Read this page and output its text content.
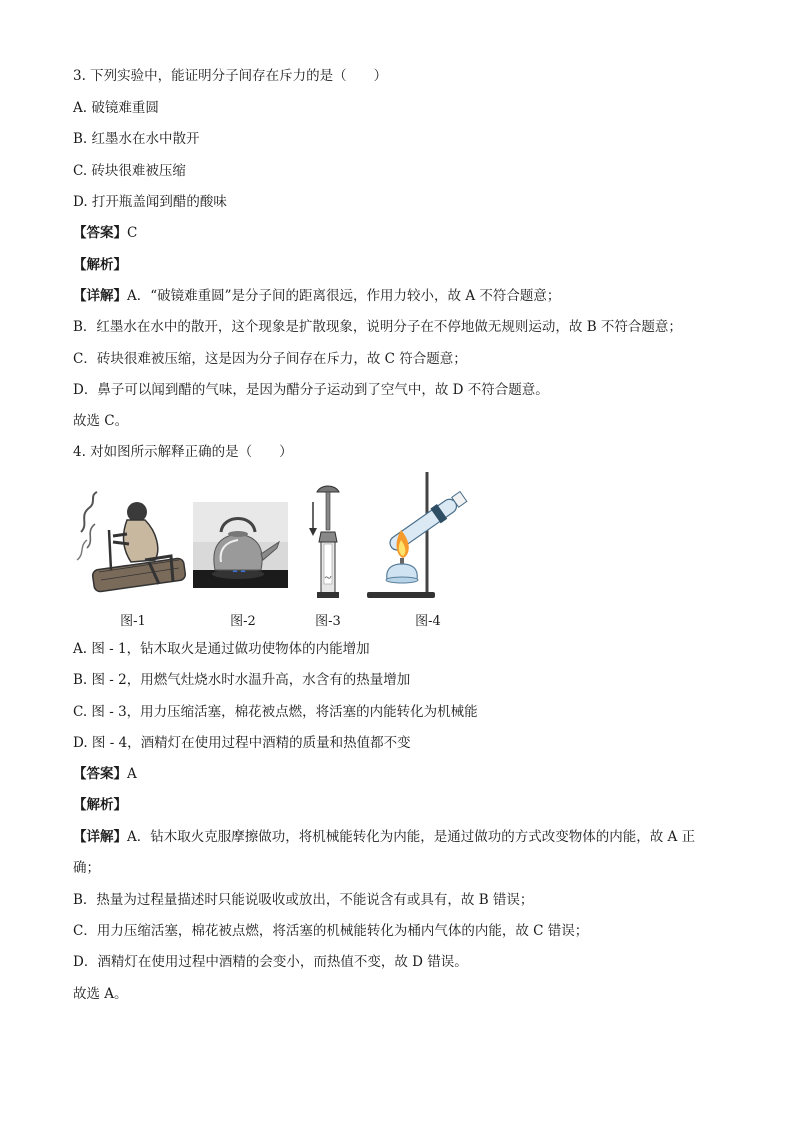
3. 下列实验中，能证明分子间存在斥力的是（　　）
A. 破镜难重圆
B. 红墨水在水中散开
C. 砖块很难被压缩
D. 打开瓶盖闻到醋的酸味
【答案】C
【解析】
【详解】A．“破镜难重圆”是分子间的距离很远，作用力较小，故 A 不符合题意；
B．红墨水在水中的散开，这个现象是扩散现象，说明分子在不停地做无规则运动，故 B 不符合题意；
C．砖块很难被压缩，这是因为分子间存在斥力，故 C 符合题意；
D．鼻子可以闻到醋的气味，是因为醋分子运动到了空气中，故 D 不符合题意。
故选 C。
4. 对如图所示解释正确的是（　　）
图-1	图-2	图-3	图-4
A. 图 - 1，钻木取火是通过做功使物体的内能增加
B. 图 - 2，用燃气灶烧水时水温升高，水含有的热量增加
C. 图 - 3，用力压缩活塞，棉花被点燃，将活塞的内能转化为机械能
D. 图 - 4，酒精灯在使用过程中酒精的质量和热值都不变
【答案】A
【解析】
【详解】A．钻木取火克服摩擦做功，将机械能转化为内能，是通过做功的方式改变物体的内能，故 A 正
确；
B．热量为过程量描述时只能说吸收或放出，不能说含有或具有，故 B 错误；
C．用力压缩活塞，棉花被点燃，将活塞的机械能转化为桶内气体的内能，故 C 错误；
D．酒精灯在使用过程中酒精的会变小，而热值不变，故 D 错误。
故选 A。
